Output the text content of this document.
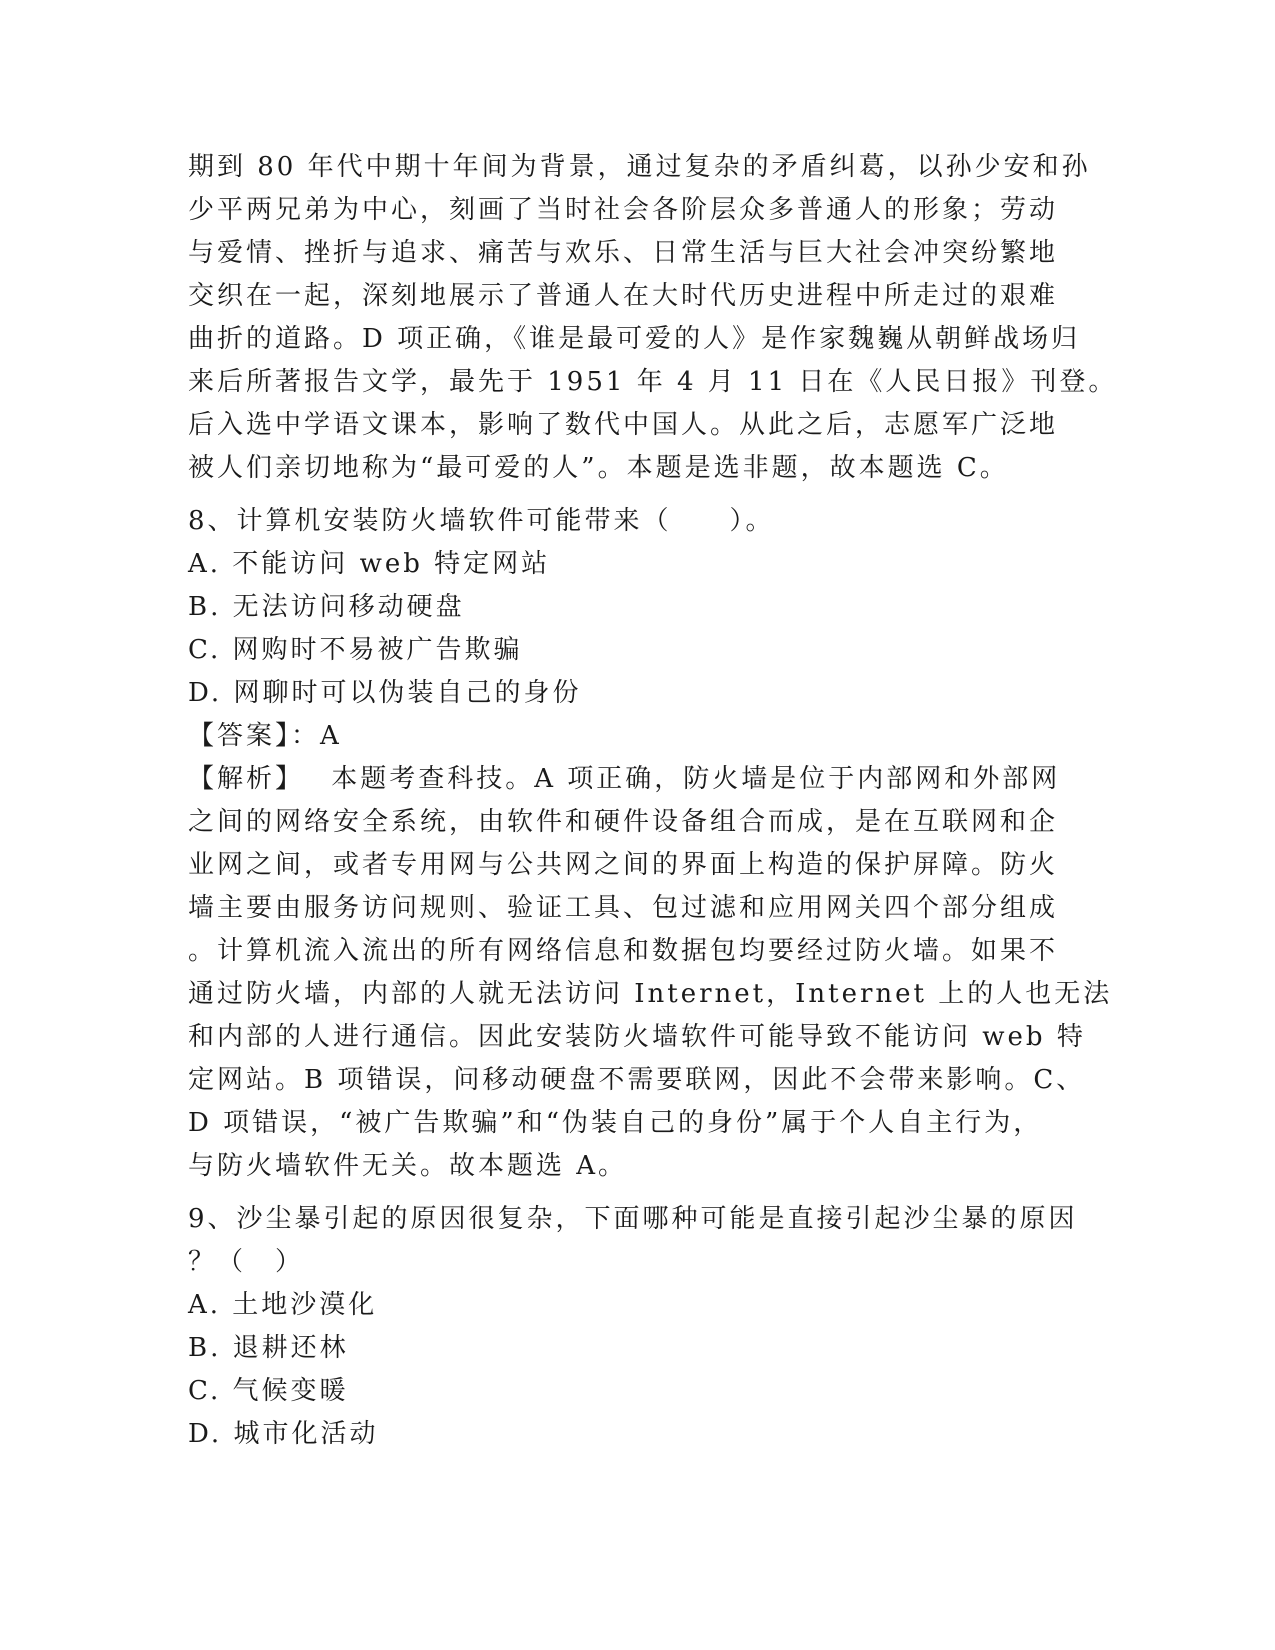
期到 80 年代中期十年间为背景，通过复杂的矛盾纠葛，以孙少安和孙
少平两兄弟为中心，刻画了当时社会各阶层众多普通人的形象；劳动
与爱情、挫折与追求、痛苦与欢乐、日常生活与巨大社会冲突纷繁地
交织在一起，深刻地展示了普通人在大时代历史进程中所走过的艰难
曲折的道路。D 项正确，《谁是最可爱的人》是作家魏巍从朝鲜战场归
来后所著报告文学，最先于 1951 年 4 月 11 日在《人民日报》刊登。
后入选中学语文课本，影响了数代中国人。从此之后，志愿军广泛地
被人们亲切地称为“最可爱的人”。本题是选非题，故本题选 C。
8、计算机安装防火墙软件可能带来（　　）。
A. 不能访问 web 特定网站
B. 无法访问移动硬盘
C. 网购时不易被广告欺骗
D. 网聊时可以伪装自己的身份
【答案】：A
【解析】　 本题考查科技。A 项正确，防火墙是位于内部网和外部网
之间的网络安全系统，由软件和硬件设备组合而成，是在互联网和企
业网之间，或者专用网与公共网之间的界面上构造的保护屏障。防火
墙主要由服务访问规则、验证工具、包过滤和应用网关四个部分组成
。计算机流入流出的所有网络信息和数据包均要经过防火墙。如果不
通过防火墙，内部的人就无法访问 Internet，Internet 上的人也无法
和内部的人进行通信。因此安装防火墙软件可能导致不能访问 web 特
定网站。B 项错误，问移动硬盘不需要联网，因此不会带来影响。C、
D 项错误，“被广告欺骗”和“伪装自己的身份”属于个人自主行为，
与防火墙软件无关。故本题选 A。
9、沙尘暴引起的原因很复杂，下面哪种可能是直接引起沙尘暴的原因
？（　）
A. 土地沙漠化
B. 退耕还林
C. 气候变暖
D. 城市化活动
